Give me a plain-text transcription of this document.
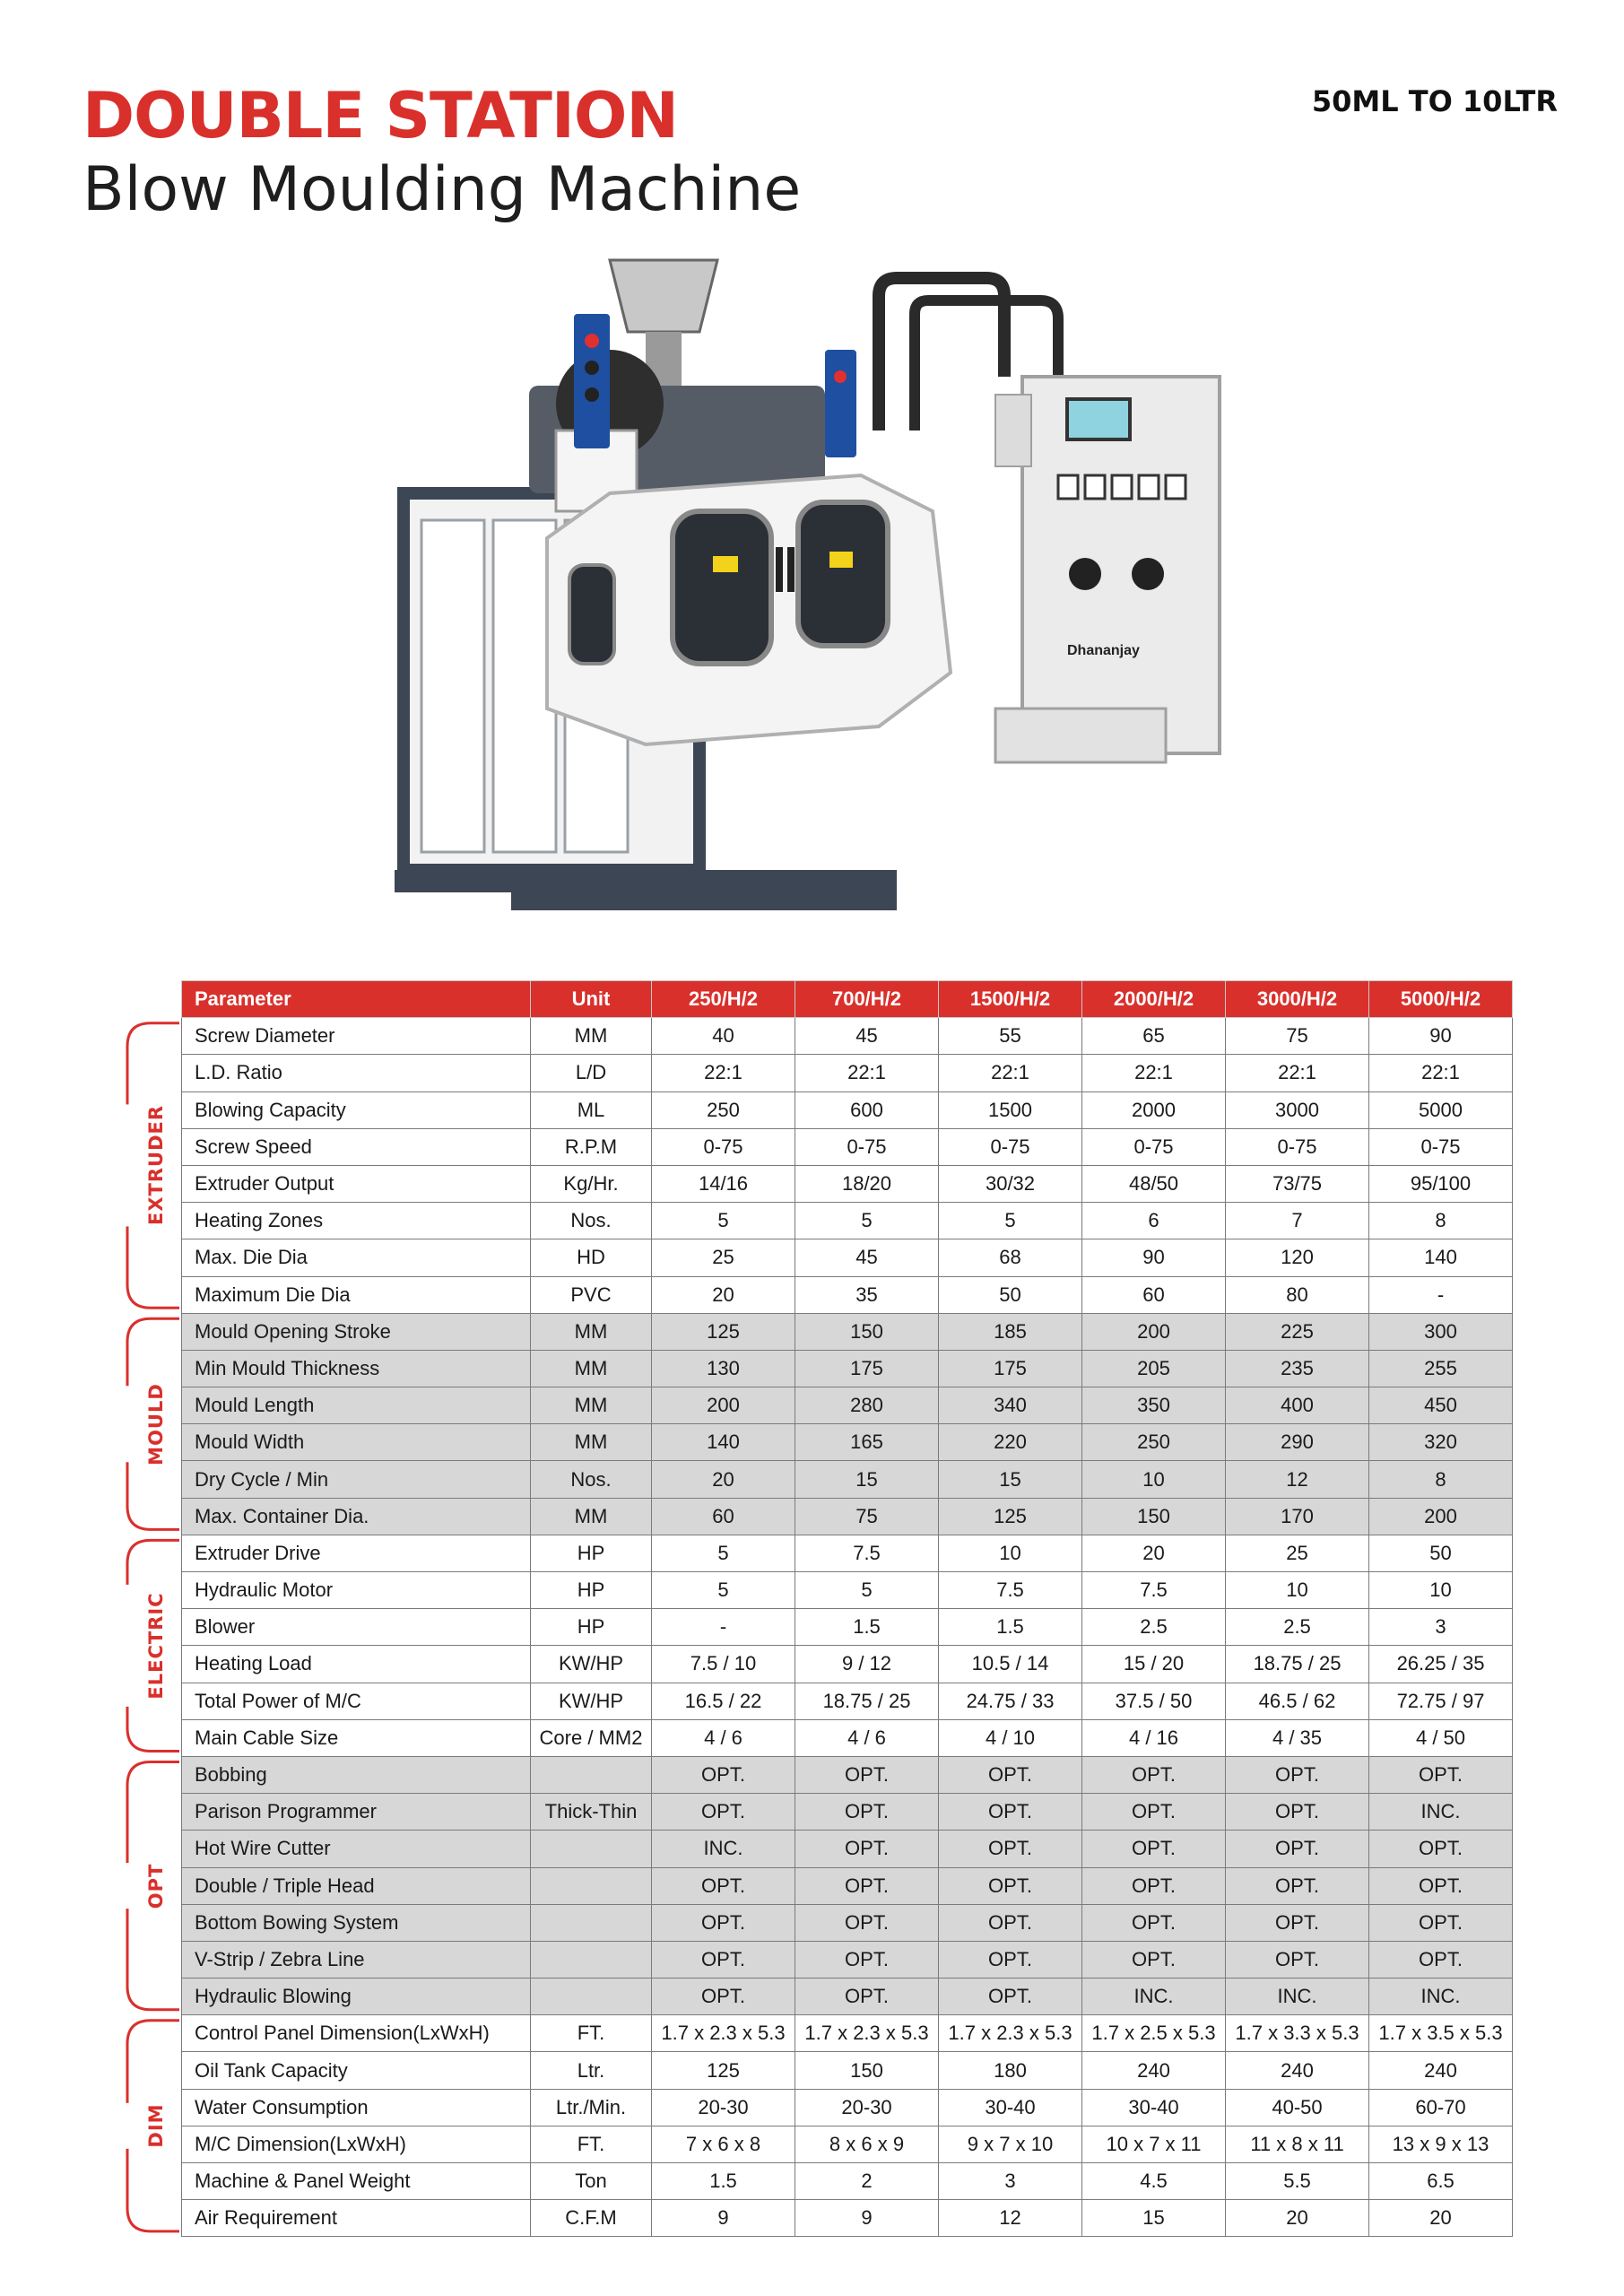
DOUBLE STATION
Blow Moulding Machine
50ML TO 10LTR
Dhananjay
EXTRUDER
MOULD
ELECTRIC
OPT
DIM
Parameter	Unit	250/H/2	700/H/2	1500/H/2	2000/H/2	3000/H/2	5000/H/2
Screw Diameter	MM	40	45	55	65	75	90
L.D. Ratio	L/D	22:1	22:1	22:1	22:1	22:1	22:1
Blowing Capacity	ML	250	600	1500	2000	3000	5000
Screw Speed	R.P.M	0-75	0-75	0-75	0-75	0-75	0-75
Extruder Output	Kg/Hr.	14/16	18/20	30/32	48/50	73/75	95/100
Heating Zones	Nos.	5	5	5	6	7	8
Max. Die Dia	HD	25	45	68	90	120	140
Maximum Die Dia	PVC	20	35	50	60	80	-
Mould Opening Stroke	MM	125	150	185	200	225	300
Min Mould Thickness	MM	130	175	175	205	235	255
Mould Length	MM	200	280	340	350	400	450
Mould Width	MM	140	165	220	250	290	320
Dry Cycle / Min	Nos.	20	15	15	10	12	8
Max. Container Dia.	MM	60	75	125	150	170	200
Extruder Drive	HP	5	7.5	10	20	25	50
Hydraulic Motor	HP	5	5	7.5	7.5	10	10
Blower	HP	-	1.5	1.5	2.5	2.5	3
Heating Load	KW/HP	7.5 / 10	9 / 12	10.5 / 14	15 / 20	18.75 / 25	26.25 / 35
Total Power of M/C	KW/HP	16.5 / 22	18.75 / 25	24.75 / 33	37.5 / 50	46.5 / 62	72.75 / 97
Main Cable Size	Core / MM2	4 / 6	4 / 6	4 / 10	4 / 16	4 / 35	4 / 50
Bobbing		OPT.	OPT.	OPT.	OPT.	OPT.	OPT.
Parison Programmer	Thick-Thin	OPT.	OPT.	OPT.	OPT.	OPT.	INC.
Hot Wire Cutter		INC.	OPT.	OPT.	OPT.	OPT.	OPT.
Double / Triple Head		OPT.	OPT.	OPT.	OPT.	OPT.	OPT.
Bottom Bowing System		OPT.	OPT.	OPT.	OPT.	OPT.	OPT.
V-Strip / Zebra Line		OPT.	OPT.	OPT.	OPT.	OPT.	OPT.
Hydraulic Blowing		OPT.	OPT.	OPT.	INC.	INC.	INC.
Control Panel Dimension(LxWxH)	FT.	1.7 x 2.3 x 5.3	1.7 x 2.3 x 5.3	1.7 x 2.3 x 5.3	1.7 x 2.5 x 5.3	1.7 x 3.3 x 5.3	1.7 x 3.5 x 5.3
Oil Tank Capacity	Ltr.	125	150	180	240	240	240
Water Consumption	Ltr./Min.	20-30	20-30	30-40	30-40	40-50	60-70
M/C Dimension(LxWxH)	FT.	7 x 6 x 8	8 x 6 x 9	9 x 7 x 10	10 x 7 x 11	11 x 8 x 11	13 x 9 x 13
Machine & Panel Weight	Ton	1.5	2	3	4.5	5.5	6.5
Air Requirement	C.F.M	9	9	12	15	20	20
